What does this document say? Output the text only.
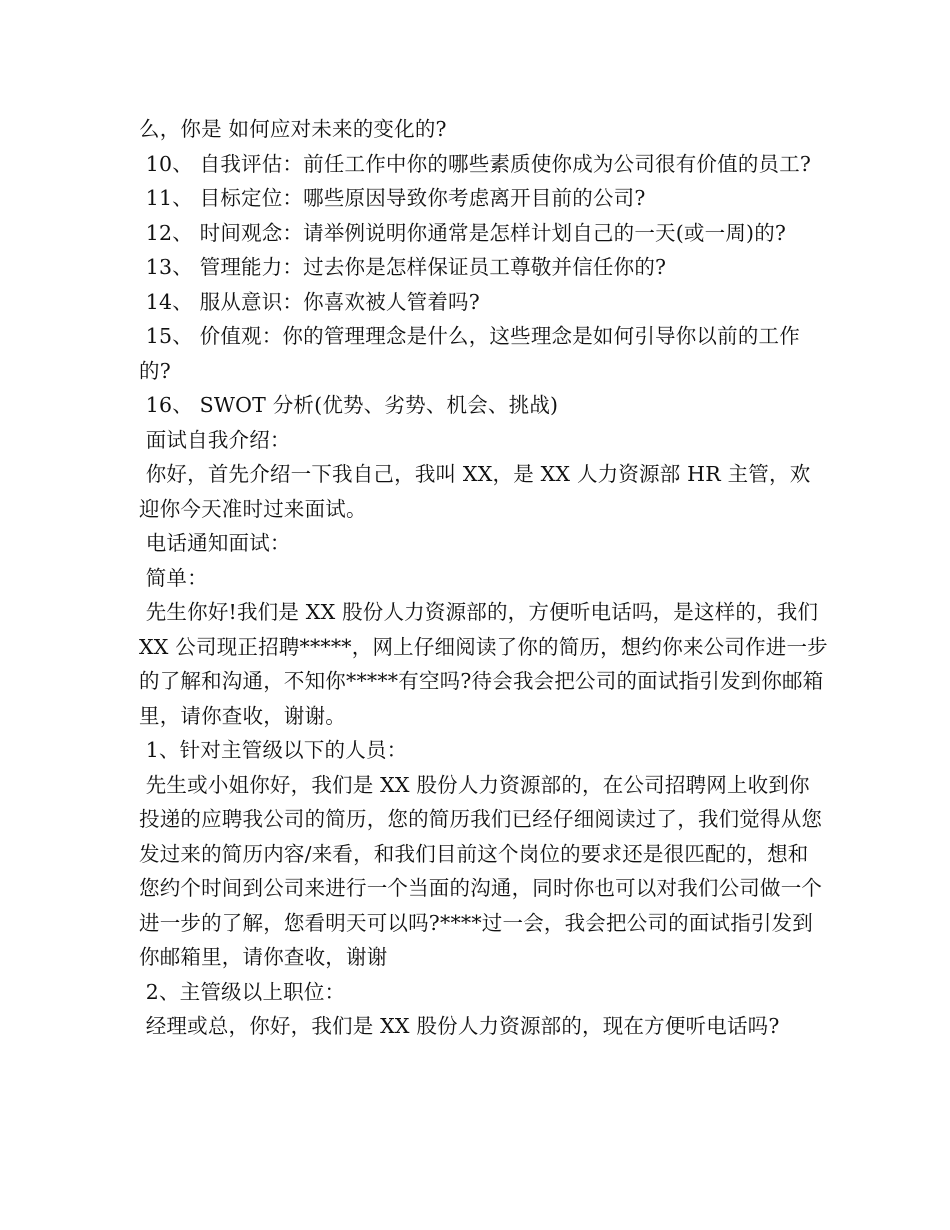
么，你是 如何应对未来的变化的?

10、 自我评估：前任工作中你的哪些素质使你成为公司很有价值的员工?

11、 目标定位：哪些原因导致你考虑离开目前的公司?

12、 时间观念：请举例说明你通常是怎样计划自己的一天(或一周)的?

13、 管理能力：过去你是怎样保证员工尊敬并信任你的?

14、 服从意识：你喜欢被人管着吗?

15、 价值观：你的管理理念是什么，这些理念是如何引导你以前的工作的?

16、 SWOT 分析(优势、劣势、机会、挑战)

面试自我介绍：

你好，首先介绍一下我自己，我叫 XX，是 XX 人力资源部 HR 主管，欢迎你今天准时过来面试。

电话通知面试：

简单：

先生你好!我们是 XX 股份人力资源部的，方便听电话吗，是这样的，我们 XX 公司现正招聘*****，网上仔细阅读了你的简历，想约你来公司作进一步的了解和沟通，不知你*****有空吗?待会我会把公司的面试指引发到你邮箱里，请你查收，谢谢。

1、针对主管级以下的人员：

先生或小姐你好，我们是 XX 股份人力资源部的，在公司招聘网上收到你投递的应聘我公司的简历，您的简历我们已经仔细阅读过了，我们觉得从您发过来的简历内容/来看，和我们目前这个岗位的要求还是很匹配的，想和您约个时间到公司来进行一个当面的沟通，同时你也可以对我们公司做一个进一步的了解，您看明天可以吗?****过一会，我会把公司的面试指引发到你邮箱里，请你查收，谢谢

2、主管级以上职位：

经理或总，你好，我们是 XX 股份人力资源部的，现在方便听电话吗?
